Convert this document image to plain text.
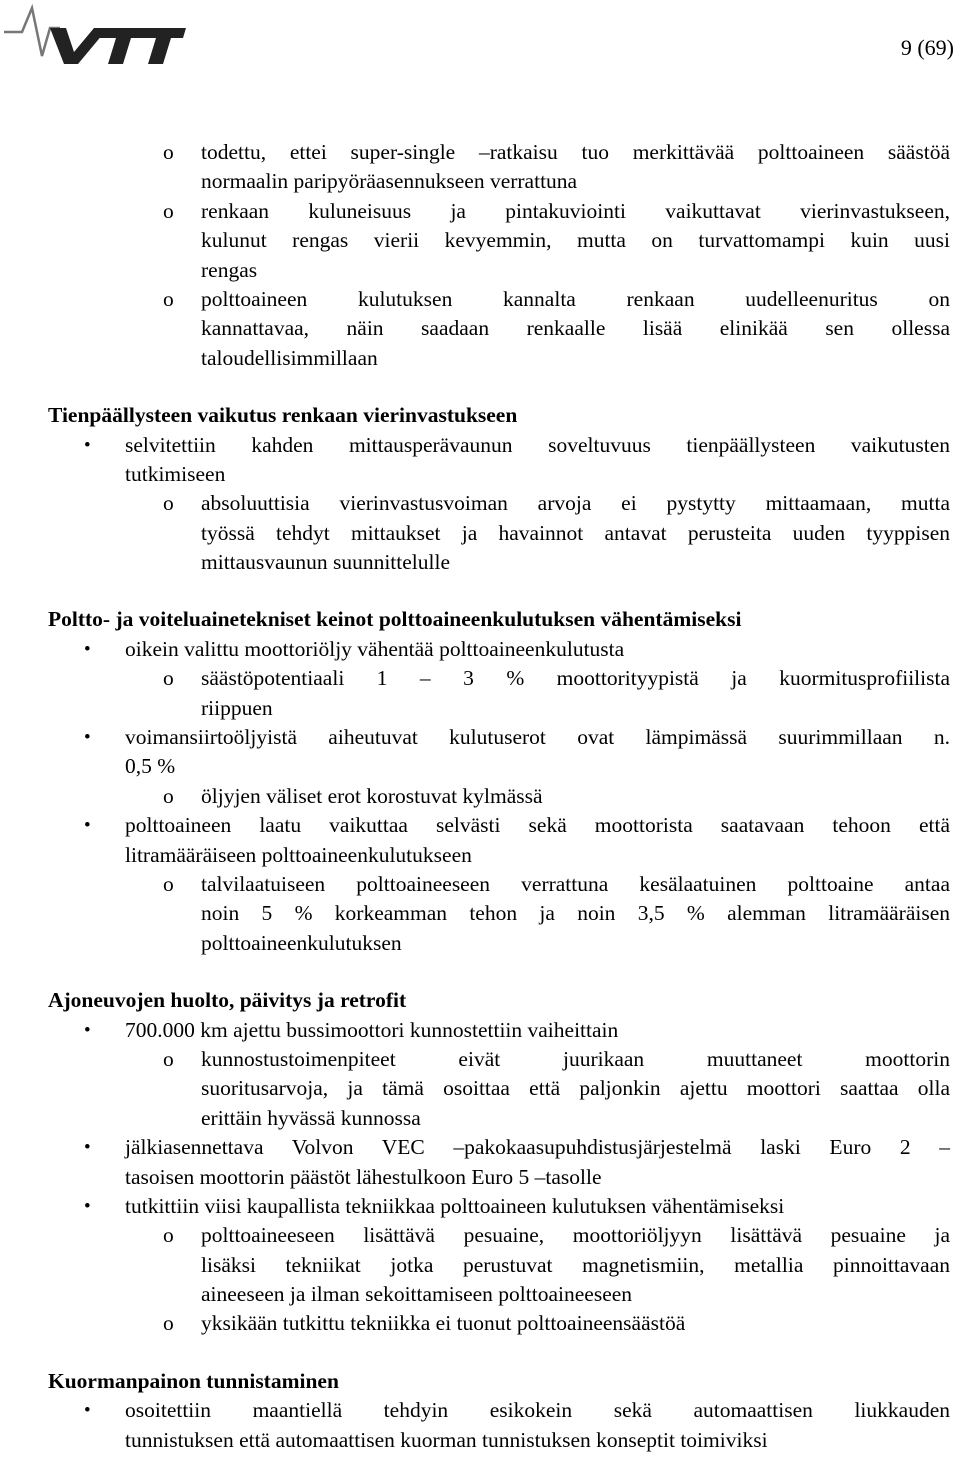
9 (69)
o todettu, ettei super-single –ratkaisu tuo merkittävää polttoaineen säästöä
normaalin paripyöräasennukseen verrattuna
o renkaan kuluneisuus ja pintakuviointi vaikuttavat vierinvastukseen,
kulunut rengas vierii kevyemmin, mutta on turvattomampi kuin uusi
rengas
o polttoaineen kulutuksen kannalta renkaan uudelleenuritus on
kannattavaa, näin saadaan renkaalle lisää elinikää sen ollessa
taloudellisimmillaan
Tienpäällysteen vaikutus renkaan vierinvastukseen
• selvitettiin kahden mittausperävaunun soveltuvuus tienpäällysteen vaikutusten
tutkimiseen
o absoluuttisia vierinvastusvoiman arvoja ei pystytty mittaamaan, mutta
työssä tehdyt mittaukset ja havainnot antavat perusteita uuden tyyppisen
mittausvaunun suunnittelulle
Poltto- ja voiteluainetekniset keinot polttoaineenkulutuksen vähentämiseksi
• oikein valittu moottoriöljy vähentää polttoaineenkulutusta
o säästöpotentiaali 1 – 3 % moottorityypistä ja kuormitusprofiilista
riippuen
• voimansiirtoöljyistä aiheutuvat kulutuserot ovat lämpimässä suurimmillaan n.
0,5 %
o öljyjen väliset erot korostuvat kylmässä
• polttoaineen laatu vaikuttaa selvästi sekä moottorista saatavaan tehoon että
litramääräiseen polttoaineenkulutukseen
o talvilaatuiseen polttoaineeseen verrattuna kesälaatuinen polttoaine antaa
noin 5 % korkeamman tehon ja noin 3,5 % alemman litramääräisen
polttoaineenkulutuksen
Ajoneuvojen huolto, päivitys ja retrofit
• 700.000 km ajettu bussimoottori kunnostettiin vaiheittain
o kunnostustoimenpiteet eivät juurikaan muuttaneet moottorin
suoritusarvoja, ja tämä osoittaa että paljonkin ajettu moottori saattaa olla
erittäin hyvässä kunnossa
• jälkiasennettava Volvon VEC –pakokaasupuhdistusjärjestelmä laski Euro 2 –
tasoisen moottorin päästöt lähestulkoon Euro 5 –tasolle
• tutkittiin viisi kaupallista tekniikkaa polttoaineen kulutuksen vähentämiseksi
o polttoaineeseen lisättävä pesuaine, moottoriöljyyn lisättävä pesuaine ja
lisäksi tekniikat jotka perustuvat magnetismiin, metallia pinnoittavaan
aineeseen ja ilman sekoittamiseen polttoaineeseen
o yksikään tutkittu tekniikka ei tuonut polttoaineensäästöä
Kuormanpainon tunnistaminen
• osoitettiin maantiellä tehdyin esikokein sekä automaattisen liukkauden
tunnistuksen että automaattisen kuorman tunnistuksen konseptit toimiviksi
